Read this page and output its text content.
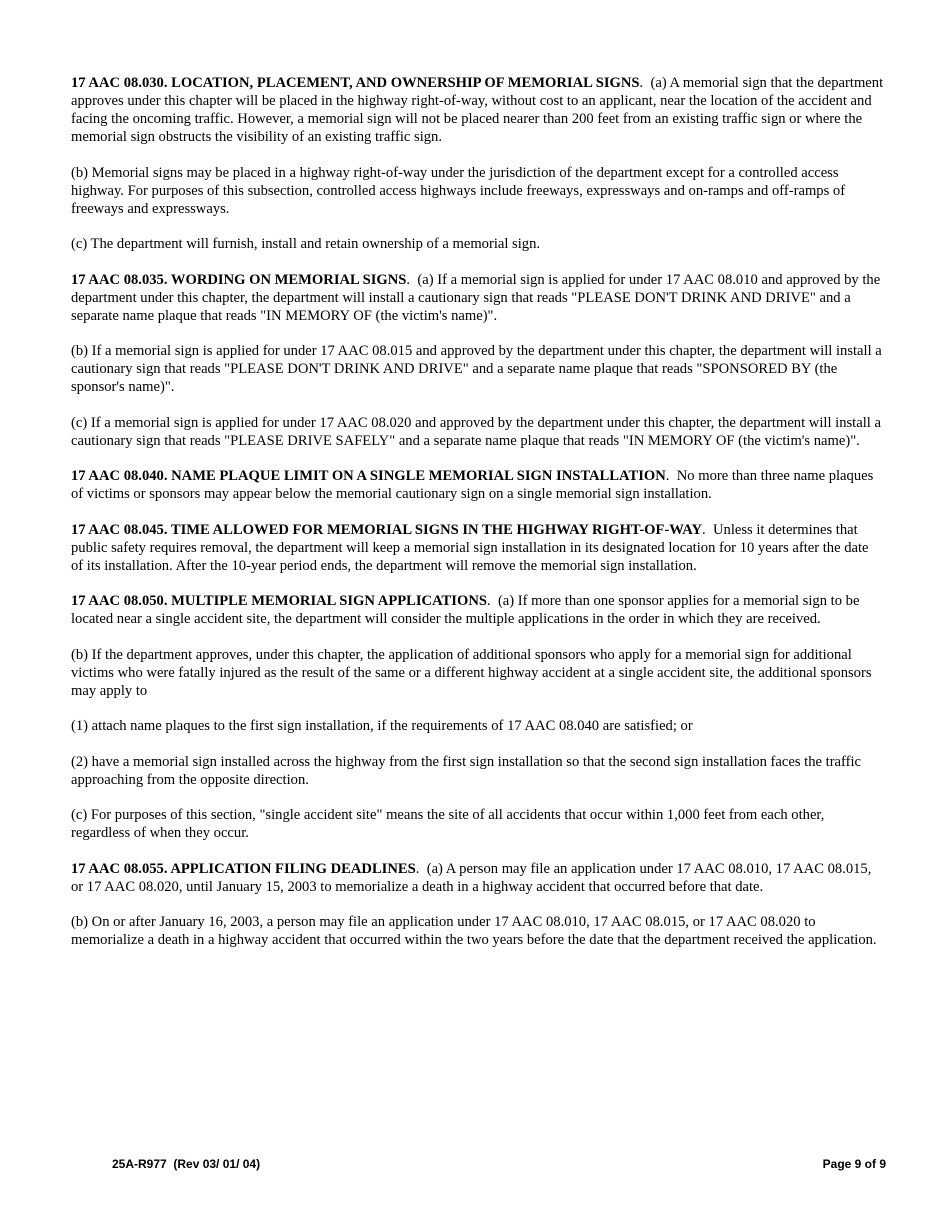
17 AAC 08.030. LOCATION, PLACEMENT, AND OWNERSHIP OF MEMORIAL SIGNS.  (a) A memorial sign that the department approves under this chapter will be placed in the highway right-of-way, without cost to an applicant, near the location of the accident and facing the oncoming traffic. However, a memorial sign will not be placed nearer than 200 feet from an existing traffic sign or where the memorial sign obstructs the visibility of an existing traffic sign.

(b) Memorial signs may be placed in a highway right-of-way under the jurisdiction of the department except for a controlled access highway. For purposes of this subsection, controlled access highways include freeways, expressways and on-ramps and off-ramps of freeways and expressways.

(c) The department will furnish, install and retain ownership of a memorial sign.

17 AAC 08.035. WORDING ON MEMORIAL SIGNS.  (a) If a memorial sign is applied for under 17 AAC 08.010 and approved by the department under this chapter, the department will install a cautionary sign that reads "PLEASE DON'T DRINK AND DRIVE" and a separate name plaque that reads "IN MEMORY OF (the victim's name)".

(b) If a memorial sign is applied for under 17 AAC 08.015 and approved by the department under this chapter, the department will install a cautionary sign that reads "PLEASE DON'T DRINK AND DRIVE" and a separate name plaque that reads "SPONSORED BY (the sponsor's name)".

(c) If a memorial sign is applied for under 17 AAC 08.020 and approved by the department under this chapter, the department will install a cautionary sign that reads "PLEASE DRIVE SAFELY" and a separate name plaque that reads "IN MEMORY OF (the victim's name)".

17 AAC 08.040. NAME PLAQUE LIMIT ON A SINGLE MEMORIAL SIGN INSTALLATION.  No more than three name plaques of victims or sponsors may appear below the memorial cautionary sign on a single memorial sign installation.

17 AAC 08.045. TIME ALLOWED FOR MEMORIAL SIGNS IN THE HIGHWAY RIGHT-OF-WAY.  Unless it determines that public safety requires removal, the department will keep a memorial sign installation in its designated location for 10 years after the date of its installation. After the 10-year period ends, the department will remove the memorial sign installation.

17 AAC 08.050. MULTIPLE MEMORIAL SIGN APPLICATIONS.  (a) If more than one sponsor applies for a memorial sign to be located near a single accident site, the department will consider the multiple applications in the order in which they are received.

(b) If the department approves, under this chapter, the application of additional sponsors who apply for a memorial sign for additional victims who were fatally injured as the result of the same or a different highway accident at a single accident site, the additional sponsors may apply to

(1) attach name plaques to the first sign installation, if the requirements of 17 AAC 08.040 are satisfied; or

(2) have a memorial sign installed across the highway from the first sign installation so that the second sign installation faces the traffic approaching from the opposite direction.

(c) For purposes of this section, "single accident site" means the site of all accidents that occur within 1,000 feet from each other, regardless of when they occur.

17 AAC 08.055. APPLICATION FILING DEADLINES.  (a) A person may file an application under 17 AAC 08.010, 17 AAC 08.015, or 17 AAC 08.020, until January 15, 2003 to memorialize a death in a highway accident that occurred before that date.

(b) On or after January 16, 2003, a person may file an application under 17 AAC 08.010, 17 AAC 08.015, or 17 AAC 08.020 to memorialize a death in a highway accident that occurred within the two years before the date that the department received the application.

25A-R977  (Rev 03/ 01/ 04)	Page 9 of 9
